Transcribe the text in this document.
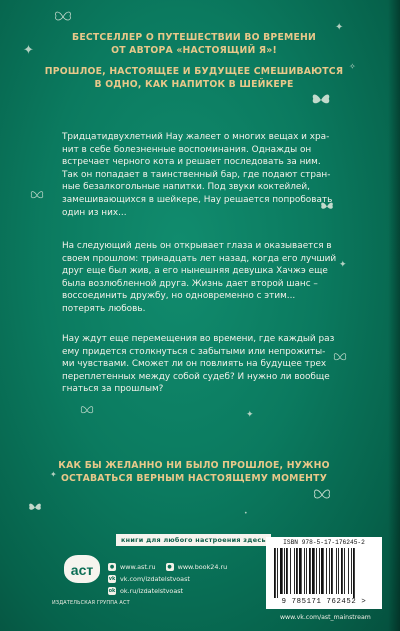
✦
✦
✧
✦
✦
✦
•
БЕСТСЕЛЛЕР О ПУТЕШЕСТВИИ ВО ВРЕМЕНИ
ОТ АВТОРА «НАСТОЯЩИЙ Я»!
ПРОШЛОЕ, НАСТОЯЩЕЕ И БУДУЩЕЕ СМЕШИВАЮТСЯ
В ОДНО, КАК НАПИТОК В ШЕЙКЕРЕ
Тридцатидвухлетний Нау жалеет о многих вещах и хра-
нит в себе болезненные воспоминания. Однажды он
встречает черного кота и решает последовать за ним.
Так он попадает в таинственный бар, где подают стран-
ные безалкогольные напитки. Под звуки коктейлей,
замешивающихся в шейкере, Нау решается попробовать
один из них...
На следующий день он открывает глаза и оказывается в
своем прошлом: тринадцать лет назад, когда его лучший
друг еще был жив, а его нынешняя девушка Хачжэ еще
была возлюбленной друга. Жизнь дает второй шанс –
воссоединить дружбу, но одновременно с этим...
потерять любовь.
Нау ждут еще перемещения во времени, где каждый раз
ему придется столкнуться с забытыми или непрожиты-
ми чувствами. Сможет ли он повлиять на будущее трех
переплетенных между собой судеб? И нужно ли вообще
гнаться за прошлым?
КАК БЫ ЖЕЛАННО НИ БЫЛО ПРОШЛОЕ, НУЖНО
ОСТАВАТЬСЯ ВЕРНЫМ НАСТОЯЩЕМУ МОМЕНТУ
книги для любого настроения здесь
aст
ИЗДАТЕЛЬСКАЯ ГРУППА АСТ
● www.ast.ru	● www.book24.ru
vk vk.com/izdatelstvoast
ok ok.ru/izdatelstvoast
ISBN 978-5-17-176245-2
9 785171 762452 >
www.vk.com/ast_mainstream
